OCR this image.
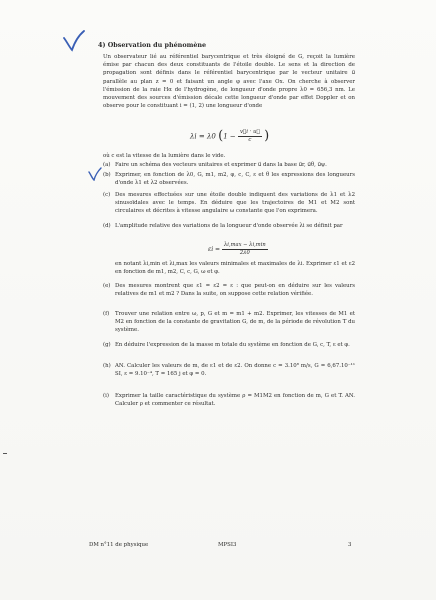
4) Observation du phénomène

Un observateur lié au référentiel barycentrique et très éloigné de G, reçoit la lumière émise par chacun des deux constituants de l'étoile double. Le sens et la direction de propagation sont définis dans le référentiel barycentrique par le vecteur unitaire u⃗ parallèle au plan z = 0 et faisant un angle φ avec l'axe Ox. On cherche à observer l'émission de la raie Hα de l'hydrogène, de longueur d'onde propre λ0 = 656,3 nm. Le mouvement des sources d'émission décale cette longueur d'onde par effet Doppler et on observe pour le constituant i = (1, 2) une longueur d'onde

λi = λ0 ($1 - \frac{v⃗i \cdot u⃗}{c}$ )

où c est la vitesse de la lumière dans le vide.

(a) Faire un schéma des vecteurs unitaires et exprimer u⃗ dans la base u⃗r, u⃗θ, u⃗ψ.
(b) Exprimer, en fonction de λ0, G, m1, m2, φ, c, C, ε et θ les expressions des longueurs d'onde λ1 et λ2 observées.
(c) Des mesures effectuées sur une étoile double indiquent des variations de λ1 et λ2 sinusoïdales avec le temps. En déduire que les trajectoires de M1 et M2 sont circulaires et décrites à vitesse angulaire ω constante que l'on exprimera.
(d) L'amplitude relative des variations de la longueur d'onde observée λi se définit par
$\varepsilon i = \frac{\lambda i,\max - \lambda i,\min}{2\lambda 0}$
en notant λi,min et λi,max les valeurs minimales et maximales de λi. Exprimer ε1 et ε2 en fonction de m1, m2, C, c, G, ω et φ.
(e) Des mesures montrent que ε1 = ε2 = ε : que peut-on en déduire sur les valeurs relatives de m1 et m2 ? Dans la suite, on suppose cette relation vérifiée.
(f)	Trouver une relation entre ω, p, G et m = m1 + m2. Exprimer, les vitesses de M1 et M2 en fonction de la constante de gravitation G, de m, de la période de révolution T du système.
(g) En déduire l'expression de la masse m totale du système en fonction de G, c, T, ε et φ.
(h) AN. Calculer les valeurs de m, de ε1 et de ε2. On donne c = 3.10⁸ m/s, G = 6,67.10⁻¹¹ SI, ε = 9.10⁻⁴, T = 165 j et φ = 0.
(i)	Exprimer la taille caractéristique du système ρ = M1M2 en fonction de m, G et T. AN. Calculer ρ et commenter ce résultat.
DM n°11 de physique	MPSI3	3
